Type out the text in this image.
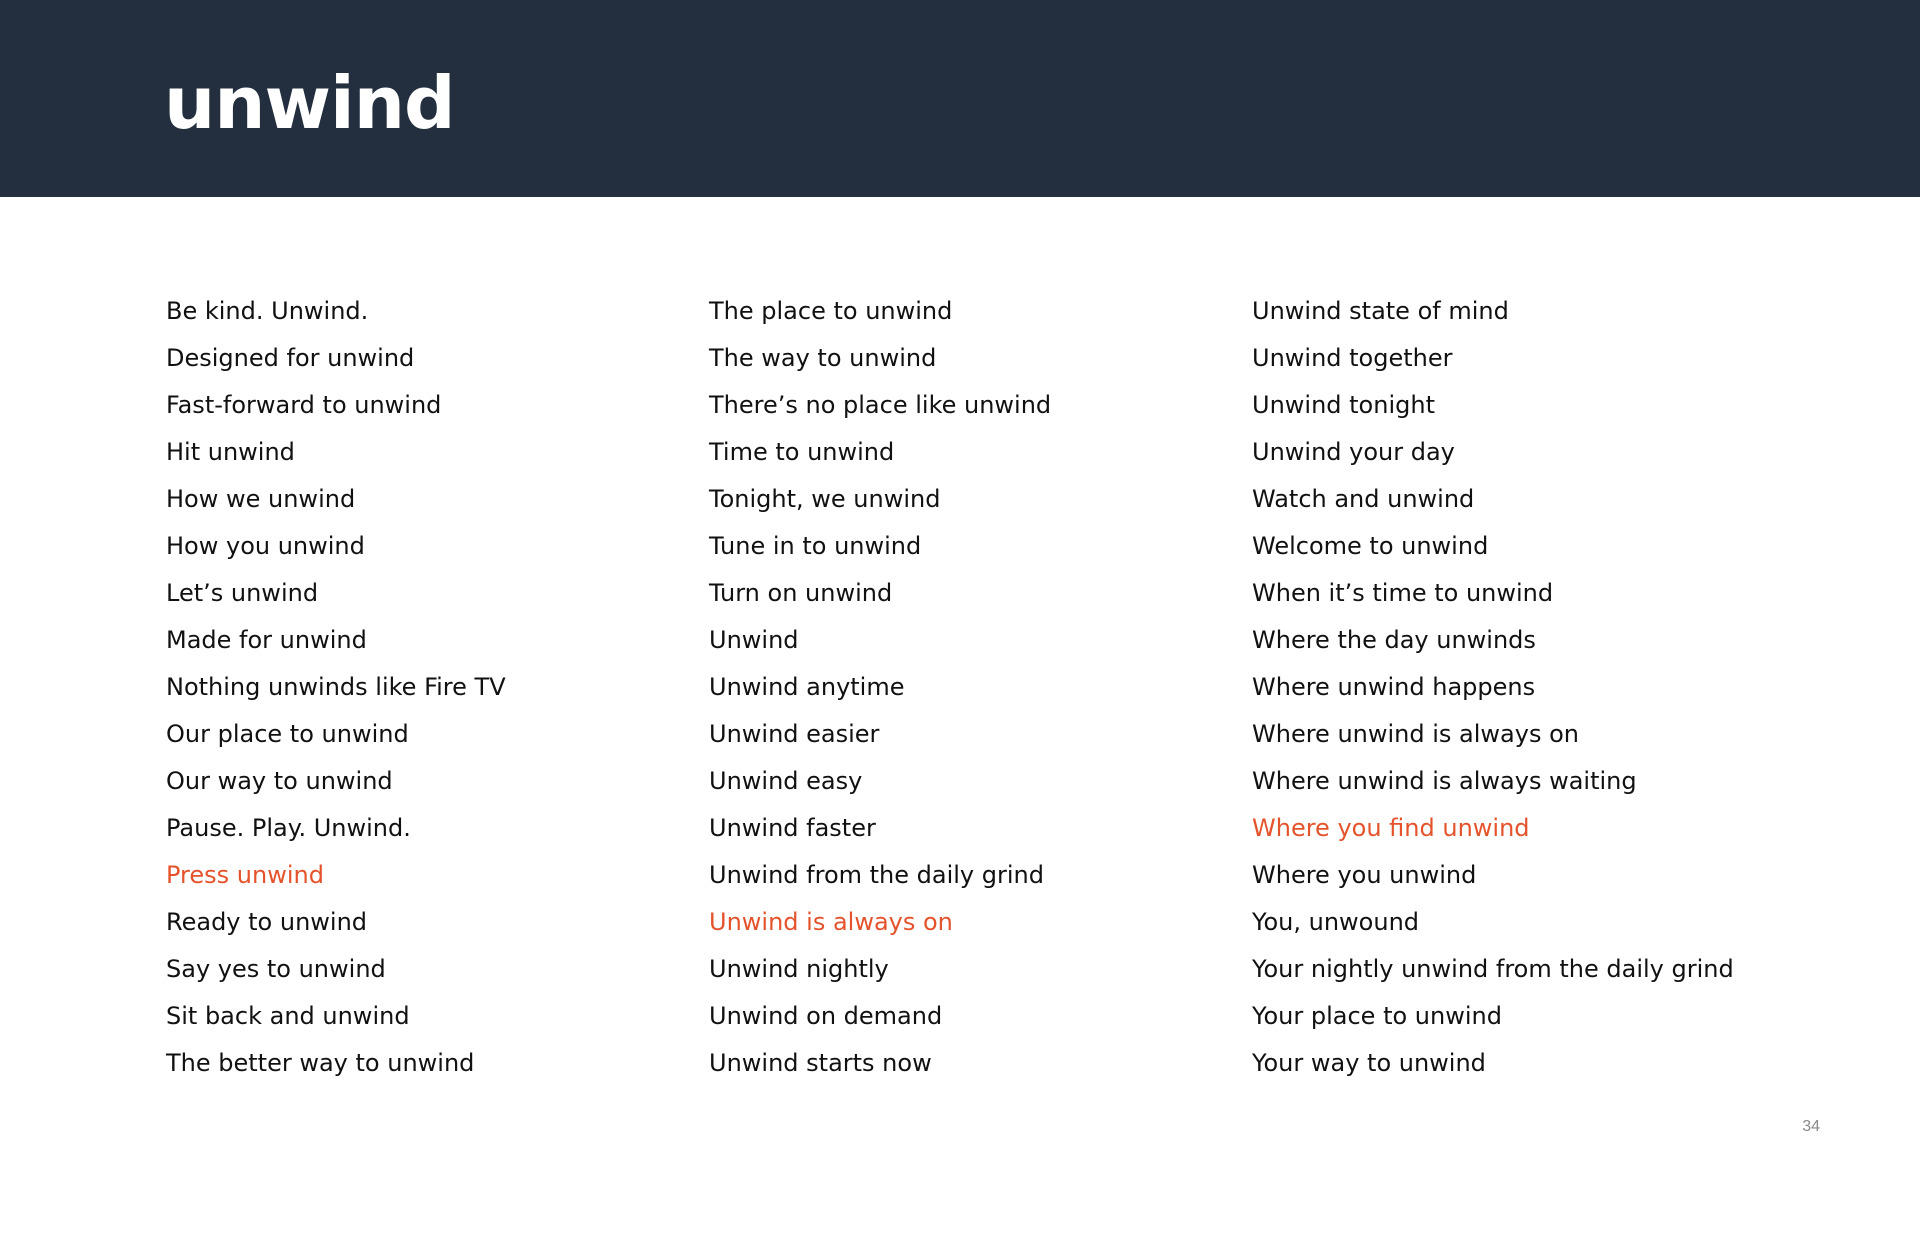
unwind
Be kind. Unwind.
Designed for unwind
Fast-forward to unwind
Hit unwind
How we unwind
How you unwind
Let’s unwind
Made for unwind
Nothing unwinds like Fire TV
Our place to unwind
Our way to unwind
Pause. Play. Unwind.
Press unwind
Ready to unwind
Say yes to unwind
Sit back and unwind
The better way to unwind
The place to unwind
The way to unwind
There’s no place like unwind
Time to unwind
Tonight, we unwind
Tune in to unwind
Turn on unwind
Unwind
Unwind anytime
Unwind easier
Unwind easy
Unwind faster
Unwind from the daily grind
Unwind is always on
Unwind nightly
Unwind on demand
Unwind starts now
Unwind state of mind
Unwind together
Unwind tonight
Unwind your day
Watch and unwind
Welcome to unwind
When it’s time to unwind
Where the day unwinds
Where unwind happens
Where unwind is always on
Where unwind is always waiting
Where you find unwind
Where you unwind
You, unwound
Your nightly unwind from the daily grind
Your place to unwind
Your way to unwind
34
